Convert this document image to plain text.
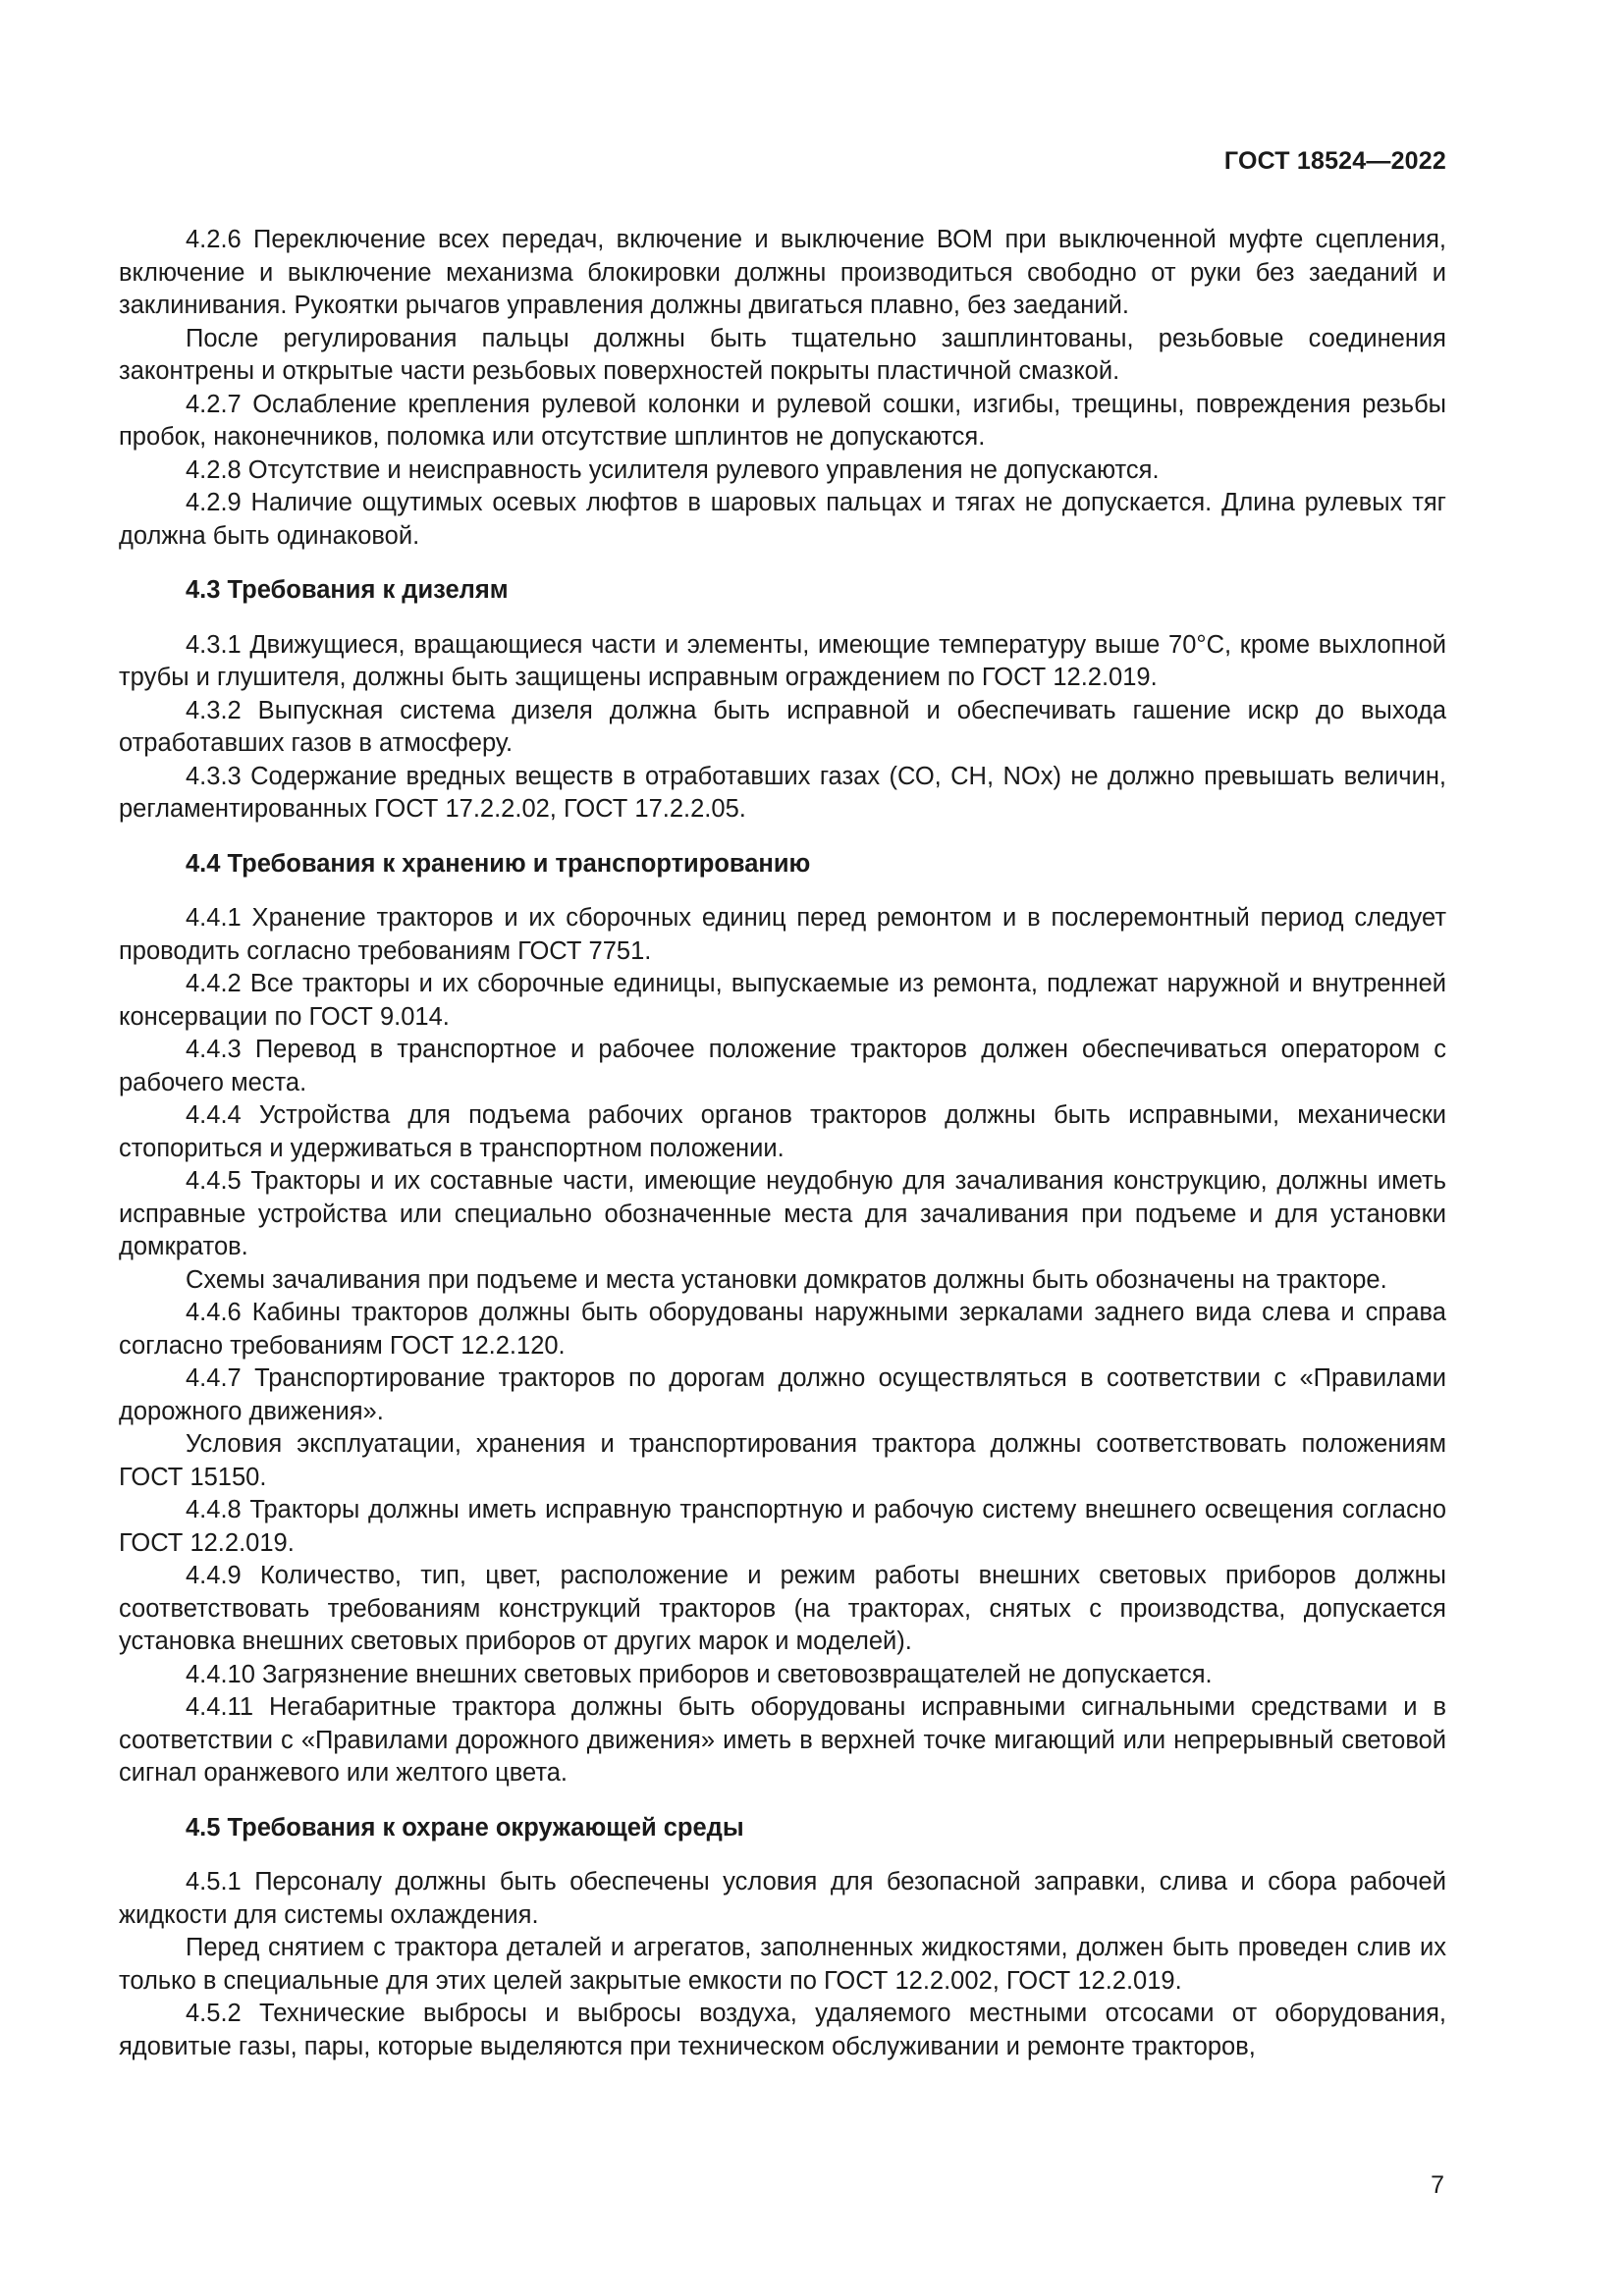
ГОСТ 18524—2022

4.2.6 Переключение всех передач, включение и выключение ВОМ при выключенной муфте сцепления, включение и выключение механизма блокировки должны производиться свободно от руки без заеданий и заклинивания. Рукоятки рычагов управления должны двигаться плавно, без заеданий.

После регулирования пальцы должны быть тщательно зашплинтованы, резьбовые соединения законтрены и открытые части резьбовых поверхностей покрыты пластичной смазкой.

4.2.7 Ослабление крепления рулевой колонки и рулевой сошки, изгибы, трещины, повреждения резьбы пробок, наконечников, поломка или отсутствие шплинтов не допускаются.

4.2.8 Отсутствие и неисправность усилителя рулевого управления не допускаются.

4.2.9 Наличие ощутимых осевых люфтов в шаровых пальцах и тягах не допускается. Длина рулевых тяг должна быть одинаковой.

4.3 Требования к дизелям

4.3.1 Движущиеся, вращающиеся части и элементы, имеющие температуру выше 70°С, кроме выхлопной трубы и глушителя, должны быть защищены исправным ограждением по ГОСТ 12.2.019.

4.3.2 Выпускная система дизеля должна быть исправной и обеспечивать гашение искр до выхода отработавших газов в атмосферу.

4.3.3 Содержание вредных веществ в отработавших газах (СО, СН, NOx) не должно превышать величин, регламентированных ГОСТ 17.2.2.02, ГОСТ 17.2.2.05.

4.4 Требования к хранению и транспортированию

4.4.1 Хранение тракторов и их сборочных единиц перед ремонтом и в послеремонтный период следует проводить согласно требованиям ГОСТ 7751.

4.4.2 Все тракторы и их сборочные единицы, выпускаемые из ремонта, подлежат наружной и внутренней консервации по ГОСТ 9.014.

4.4.3 Перевод в транспортное и рабочее положение тракторов должен обеспечиваться оператором с рабочего места.

4.4.4 Устройства для подъема рабочих органов тракторов должны быть исправными, механически стопориться и удерживаться в транспортном положении.

4.4.5 Тракторы и их составные части, имеющие неудобную для зачаливания конструкцию, должны иметь исправные устройства или специально обозначенные места для зачаливания при подъеме и для установки домкратов.

Схемы зачаливания при подъеме и места установки домкратов должны быть обозначены на тракторе.

4.4.6 Кабины тракторов должны быть оборудованы наружными зеркалами заднего вида слева и справа согласно требованиям ГОСТ 12.2.120.

4.4.7 Транспортирование тракторов по дорогам должно осуществляться в соответствии с «Правилами дорожного движения».

Условия эксплуатации, хранения и транспортирования трактора должны соответствовать положениям ГОСТ 15150.

4.4.8 Тракторы должны иметь исправную транспортную и рабочую систему внешнего освещения согласно ГОСТ 12.2.019.

4.4.9 Количество, тип, цвет, расположение и режим работы внешних световых приборов должны соответствовать требованиям конструкций тракторов (на тракторах, снятых с производства, допускается установка внешних световых приборов от других марок и моделей).

4.4.10 Загрязнение внешних световых приборов и световозвращателей не допускается.

4.4.11 Негабаритные трактора должны быть оборудованы исправными сигнальными средствами и в соответствии с «Правилами дорожного движения» иметь в верхней точке мигающий или непрерывный световой сигнал оранжевого или желтого цвета.

4.5 Требования к охране окружающей среды

4.5.1 Персоналу должны быть обеспечены условия для безопасной заправки, слива и сбора рабочей жидкости для системы охлаждения.

Перед снятием с трактора деталей и агрегатов, заполненных жидкостями, должен быть проведен слив их только в специальные для этих целей закрытые емкости по ГОСТ 12.2.002, ГОСТ 12.2.019.

4.5.2 Технические выбросы и выбросы воздуха, удаляемого местными отсосами от оборудования, ядовитые газы, пары, которые выделяются при техническом обслуживании и ремонте тракторов,

7
